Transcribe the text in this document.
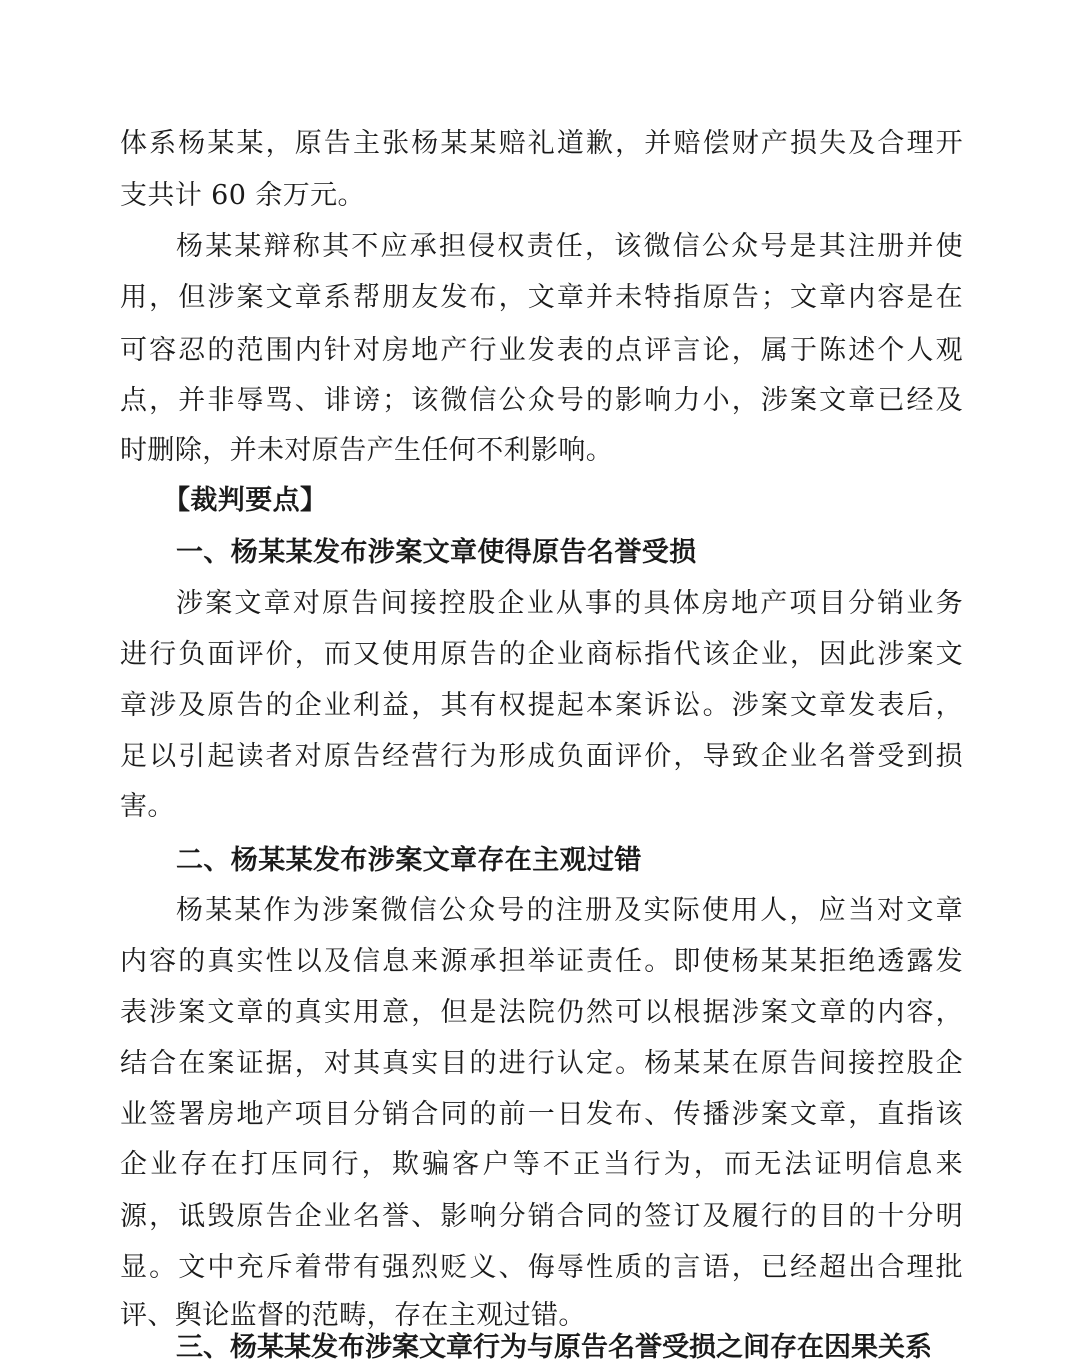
体系杨某某，原告主张杨某某赔礼道歉，并赔偿财产损失及合理开
支共计 60 余万元。
杨某某辩称其不应承担侵权责任，该微信公众号是其注册并使
用，但涉案文章系帮朋友发布，文章并未特指原告；文章内容是在
可容忍的范围内针对房地产行业发表的点评言论，属于陈述个人观
点，并非辱骂、诽谤；该微信公众号的影响力小，涉案文章已经及
时删除，并未对原告产生任何不利影响。
【裁判要点】
一、杨某某发布涉案文章使得原告名誉受损
涉案文章对原告间接控股企业从事的具体房地产项目分销业务
进行负面评价，而又使用原告的企业商标指代该企业，因此涉案文
章涉及原告的企业利益，其有权提起本案诉讼。涉案文章发表后，
足以引起读者对原告经营行为形成负面评价，导致企业名誉受到损
害。
二、杨某某发布涉案文章存在主观过错
杨某某作为涉案微信公众号的注册及实际使用人，应当对文章
内容的真实性以及信息来源承担举证责任。即使杨某某拒绝透露发
表涉案文章的真实用意，但是法院仍然可以根据涉案文章的内容，
结合在案证据，对其真实目的进行认定。杨某某在原告间接控股企
业签署房地产项目分销合同的前一日发布、传播涉案文章，直指该
企业存在打压同行，欺骗客户等不正当行为，而无法证明信息来
源，诋毁原告企业名誉、影响分销合同的签订及履行的目的十分明
显。文中充斥着带有强烈贬义、侮辱性质的言语，已经超出合理批
评、舆论监督的范畴，存在主观过错。
三、杨某某发布涉案文章行为与原告名誉受损之间存在因果关系
